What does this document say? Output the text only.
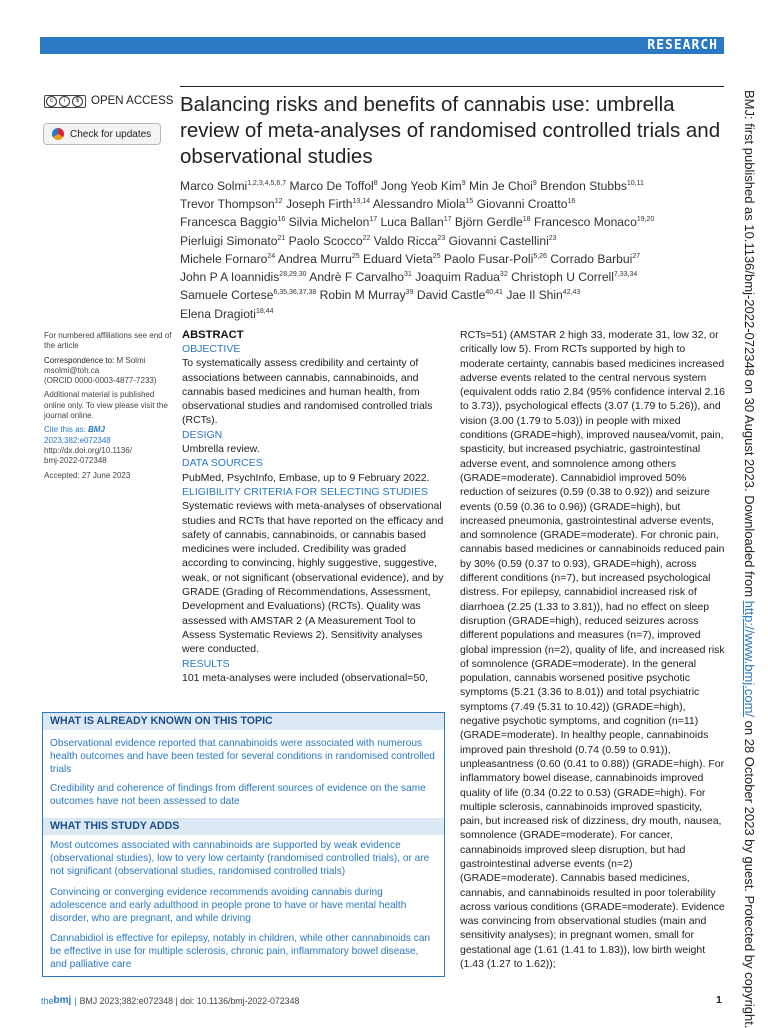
RESEARCH
c	i	$	OPEN ACCESS
Check for updates
Balancing risks and benefits of cannabis use: umbrella review of meta-analyses of randomised controlled trials and observational studies
Marco Solmi$^{1,2,3,4,5,6,7}$ Marco De Toffol$^8$ Jong Yeob Kim$^9$ Min Je Choi$^9$ Brendon Stubbs$^{10,11}$
Trevor Thompson$^{12}$ Joseph Firth$^{13,14}$ Alessandro Miola$^{15}$ Giovanni Croatto$^{16}$
Francesca Baggio$^{16}$ Silvia Michelon$^{17}$ Luca Ballan$^{17}$ Björn Gerdle$^{18}$ Francesco Monaco$^{19,20}$
Pierluigi Simonato$^{21}$ Paolo Scocco$^{22}$ Valdo Ricca$^{23}$ Giovanni Castellini$^{23}$
Michele Fornaro$^{24}$ Andrea Murru$^{25}$ Eduard Vieta$^{25}$ Paolo Fusar-Poli$^{5,26}$ Corrado Barbui$^{27}$
John P A Ioannidis$^{28,29,30}$ Andrè F Carvalho$^{31}$ Joaquim Radua$^{32}$ Christoph U Correll$^{7,33,34}$
Samuele Cortese$^{6,35,36,37,38}$ Robin M Murray$^{39}$ David Castle$^{40,41}$ Jae Il Shin$^{42,43}$
Elena Dragioti$^{18,44}$

For numbered affiliations see end of the article

Correspondence to: M Solmi
msolmi@toh.ca
(ORCID 0000-0003-4877-7233)

Additional material is published online only. To view please visit the journal online.

Cite this as: BMJ 2023;382:e072348
http://dx.doi.org/10.1136/
bmj-2022-072348

Accepted: 27 June 2023

ABSTRACT
OBJECTIVE

To systematically assess credibility and certainty of associations between cannabis, cannabinoids, and cannabis based medicines and human health, from observational studies and randomised controlled trials (RCTs).

DESIGN

Umbrella review.

DATA SOURCES

PubMed, PsychInfo, Embase, up to 9 February 2022.

ELIGIBILITY CRITERIA FOR SELECTING STUDIES

Systematic reviews with meta-analyses of observational studies and RCTs that have reported on the efficacy and safety of cannabis, cannabinoids, or cannabis based medicines were included. Credibility was graded according to convincing, highly suggestive, suggestive, weak, or not significant (observational evidence), and by GRADE (Grading of Recommendations, Assessment, Development and Evaluations) (RCTs). Quality was assessed with AMSTAR 2 (A Measurement Tool to Assess Systematic Reviews 2). Sensitivity analyses were conducted.

RESULTS

101 meta-analyses were included (observational=50,

RCTs=51) (AMSTAR 2 high 33, moderate 31, low 32, or critically low 5). From RCTs supported by high to moderate certainty, cannabis based medicines increased adverse events related to the central nervous system (equivalent odds ratio 2.84 (95% confidence interval 2.16 to 3.73)), psychological effects (3.07 (1.79 to 5.26)), and vision (3.00 (1.79 to 5.03)) in people with mixed conditions (GRADE=high), improved nausea/vomit, pain, spasticity, but increased psychiatric, gastrointestinal adverse event, and somnolence among others (GRADE=moderate). Cannabidiol improved 50% reduction of seizures (0.59 (0.38 to 0.92)) and seizure events (0.59 (0.36 to 0.96)) (GRADE=high), but increased pneumonia, gastrointestinal adverse events, and somnolence (GRADE=moderate). For chronic pain, cannabis based medicines or cannabinoids reduced pain by 30% (0.59 (0.37 to 0.93), GRADE=high), across different conditions (n=7), but increased psychological distress. For epilepsy, cannabidiol increased risk of diarrhoea (2.25 (1.33 to 3.81)), had no effect on sleep disruption (GRADE=high), reduced seizures across different populations and measures (n=7), improved global impression (n=2), quality of life, and increased risk of somnolence (GRADE=moderate). In the general population, cannabis worsened positive psychotic symptoms (5.21 (3.36 to 8.01)) and total psychiatric symptoms (7.49 (5.31 to 10.42)) (GRADE=high), negative psychotic symptoms, and cognition (n=11) (GRADE=moderate). In healthy people, cannabinoids improved pain threshold (0.74 (0.59 to 0.91)), unpleasantness (0.60 (0.41 to 0.88)) (GRADE=high). For inflammatory bowel disease, cannabinoids improved quality of life (0.34 (0.22 to 0.53) (GRADE=high). For multiple sclerosis, cannabinoids improved spasticity, pain, but increased risk of dizziness, dry mouth, nausea, somnolence (GRADE=moderate). For cancer, cannabinoids improved sleep disruption, but had gastrointestinal adverse events (n=2) (GRADE=moderate). Cannabis based medicines, cannabis, and cannabinoids resulted in poor tolerability across various conditions (GRADE=moderate). Evidence was convincing from observational studies (main and sensitivity analyses); in pregnant women, small for gestational age (1.61 (1.41 to 1.83)), low birth weight (1.43 (1.27 to 1.62));

WHAT IS ALREADY KNOWN ON THIS TOPIC
Observational evidence reported that cannabinoids were associated with numerous health outcomes and have been tested for several conditions in randomised controlled trials
Credibility and coherence of findings from different sources of evidence on the same outcomes have not been assessed to date
WHAT THIS STUDY ADDS
Most outcomes associated with cannabinoids are supported by weak evidence (observational studies), low to very low certainty (randomised controlled trials), or are not significant (observational studies, randomised controlled trials)
Convincing or converging evidence recommends avoiding cannabis during adolescence and early adulthood in people prone to have or have mental health disorder, who are pregnant, and while driving
Cannabidiol is effective for epilepsy, notably in children, while other cannabinoids can be effective in use for multiple sclerosis, chronic pain, inflammatory bowel disease, and palliative care
BMJ: first published as 10.1136/bmj-2022-072348 on 30 August 2023. Downloaded from http://www.bmj.com/ on 28 October 2023 by guest. Protected by copyright.
the bmj | BMJ 2023;382:e072348 | doi: 10.1136/bmj-2022-072348	1
